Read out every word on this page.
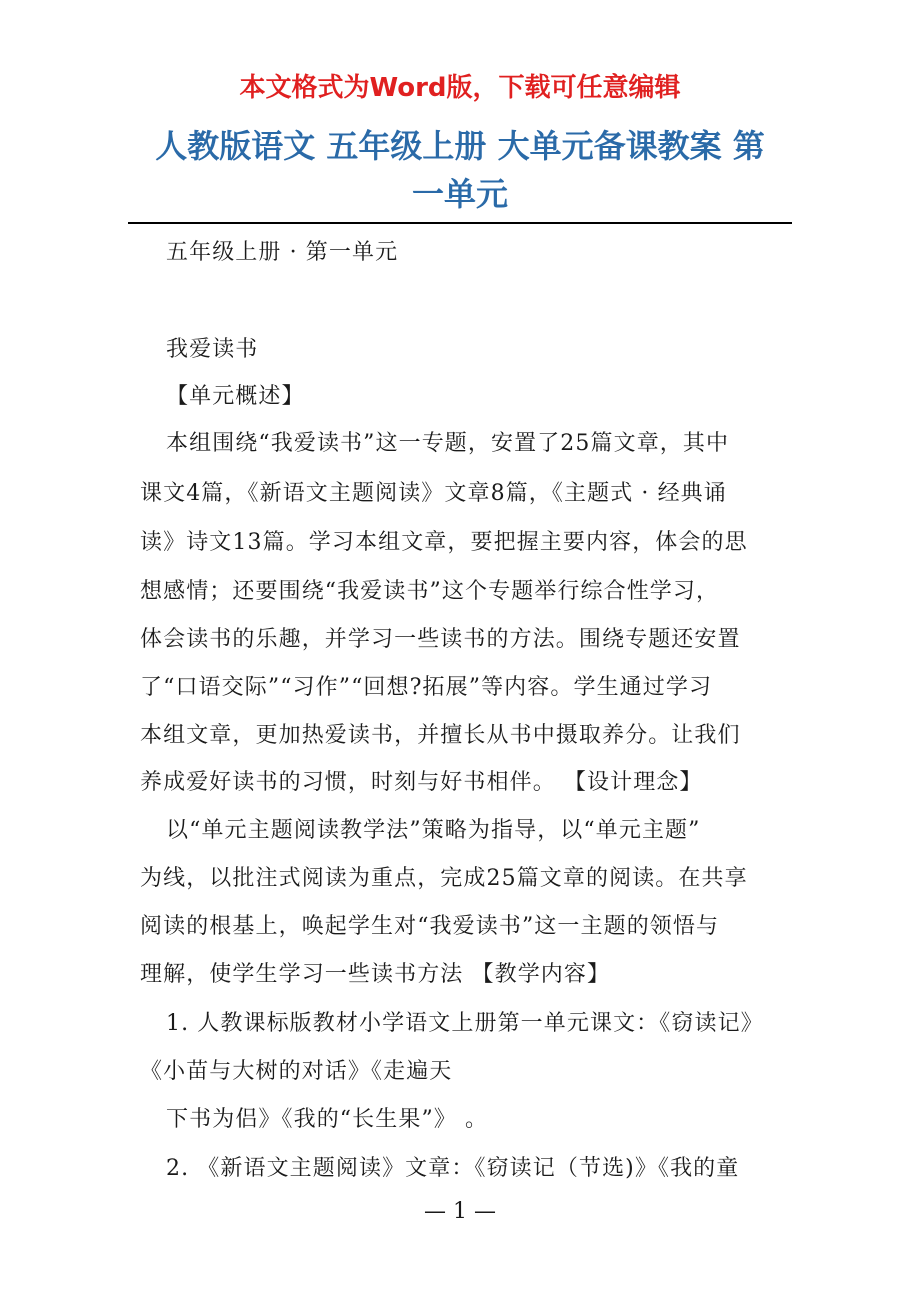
本文格式为Word版，下载可任意编辑
人教版语文 五年级上册 大单元备课教案 第
一单元
五年级上册 · 第一单元
我爱读书
【单元概述】
本组围绕“我爱读书”这一专题，安置了25篇文章，其中
课文4篇，《新语文主题阅读》文章8篇，《主题式 · 经典诵
读》诗文13篇。学习本组文章，要把握主要内容，体会的思
想感情；还要围绕“我爱读书”这个专题举行综合性学习，
体会读书的乐趣，并学习一些读书的方法。围绕专题还安置
了“口语交际”“习作”“回想?拓展”等内容。学生通过学习
本组文章，更加热爱读书，并擅长从书中摄取养分。让我们
养成爱好读书的习惯，时刻与好书相伴。 【设计理念】
以“单元主题阅读教学法”策略为指导，以“单元主题”
为线，以批注式阅读为重点，完成25篇文章的阅读。在共享
阅读的根基上，唤起学生对“我爱读书”这一主题的领悟与
理解，使学生学习一些读书方法 【教学内容】
1. 人教课标版教材小学语文上册第一单元课文：《窃读记》
《小苗与大树的对话》《走遍天
下书为侣》《我的“长生果”》 。
2. 《新语文主题阅读》文章：《窃读记（节选)》《我的童
— 1 —
